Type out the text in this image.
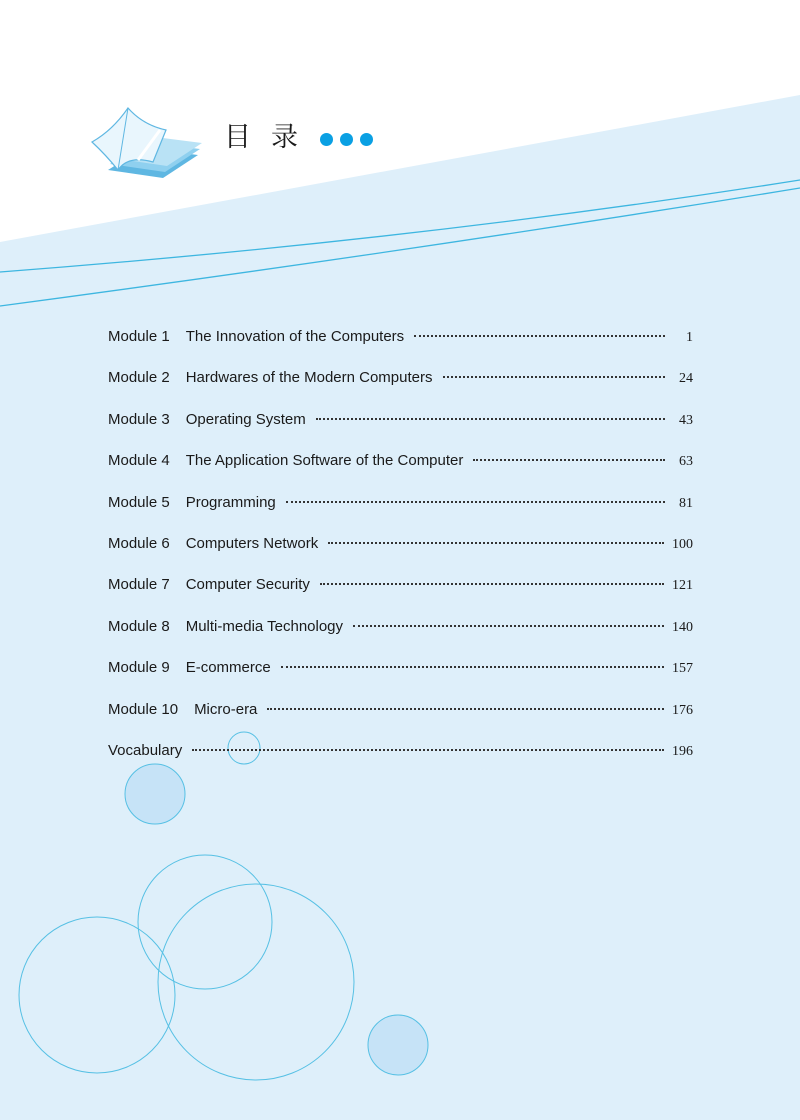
目录
Module 1 The Innovation of the Computers	1
Module 2 Hardwares of the Modern Computers	24
Module 3 Operating System	43
Module 4 The Application Software of the Computer	63
Module 5 Programming	81
Module 6 Computers Network	100
Module 7 Computer Security	121
Module 8 Multi-media Technology	140
Module 9 E-commerce	157
Module 10 Micro-era	176
Vocabulary	196
